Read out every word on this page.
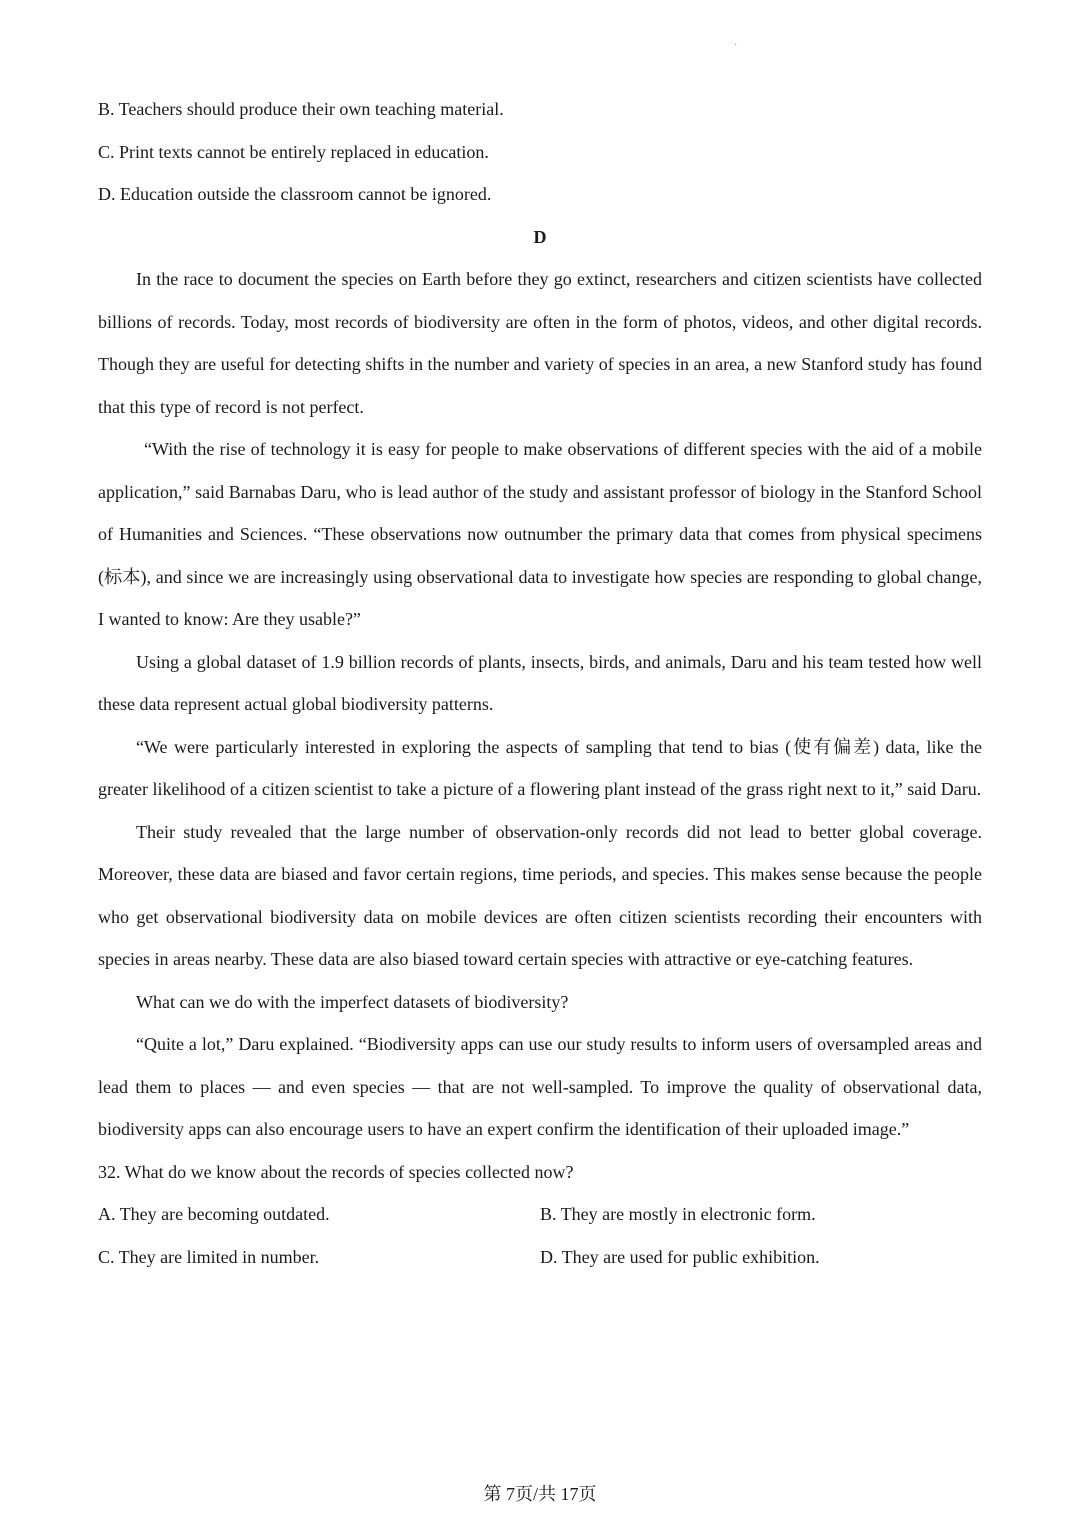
·

B. Teachers should produce their own teaching material.

C. Print texts cannot be entirely replaced in education.

D. Education outside the classroom cannot be ignored.

D

In the race to document the species on Earth before they go extinct, researchers and citizen scientists have collected billions of records. Today, most records of biodiversity are often in the form of photos, videos, and other digital records. Though they are useful for detecting shifts in the number and variety of species in an area, a new Stanford study has found that this type of record is not perfect.

“With the rise of technology it is easy for people to make observations of different species with the aid of a mobile application,” said Barnabas Daru, who is lead author of the study and assistant professor of biology in the Stanford School of Humanities and Sciences. “These observations now outnumber the primary data that comes from physical specimens (标本), and since we are increasingly using observational data to investigate how species are responding to global change, I wanted to know: Are they usable?”

Using a global dataset of 1.9 billion records of plants, insects, birds, and animals, Daru and his team tested how well these data represent actual global biodiversity patterns.

“We were particularly interested in exploring the aspects of sampling that tend to bias (使有偏差) data, like the greater likelihood of a citizen scientist to take a picture of a flowering plant instead of the grass right next to it,” said Daru.

Their study revealed that the large number of observation-only records did not lead to better global coverage. Moreover, these data are biased and favor certain regions, time periods, and species. This makes sense because the people who get observational biodiversity data on mobile devices are often citizen scientists recording their encounters with species in areas nearby. These data are also biased toward certain species with attractive or eye-catching features.

What can we do with the imperfect datasets of biodiversity?

“Quite a lot,” Daru explained. “Biodiversity apps can use our study results to inform users of oversampled areas and lead them to places — and even species — that are not well-sampled. To improve the quality of observational data, biodiversity apps can also encourage users to have an expert confirm the identification of their uploaded image.”

32. What do we know about the records of species collected now?

A. They are becoming outdated.	B. They are mostly in electronic form.

C. They are limited in number.	D. They are used for public exhibition.

第 7页/共 17页
